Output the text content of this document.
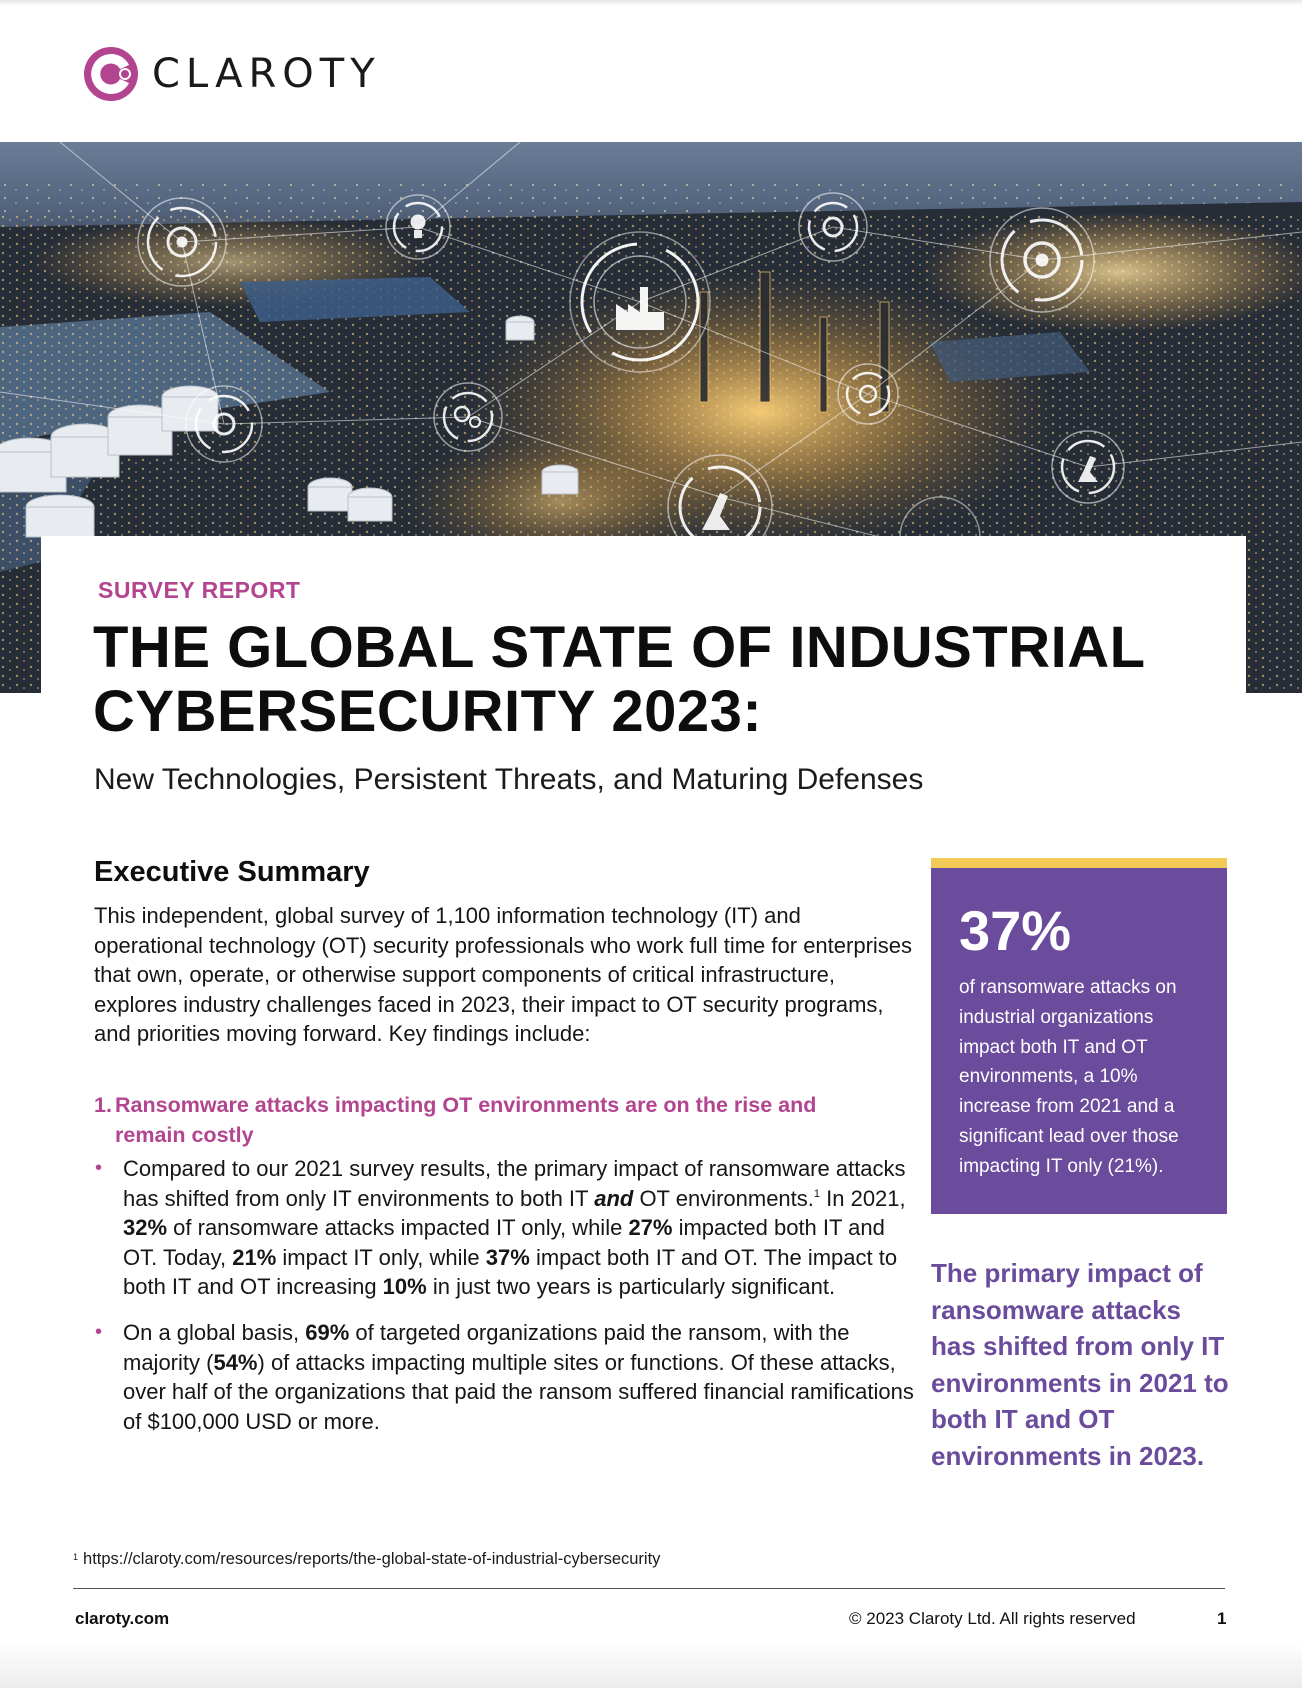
CLAROTY
SURVEY REPORT
THE GLOBAL STATE OF INDUSTRIAL
CYBERSECURITY 2023:
New Technologies, Persistent Threats, and Maturing Defenses
Executive Summary
This independent, global survey of 1,100 information technology (IT) and operational technology (OT) security professionals who work full time for enterprises that own, operate, or otherwise support components of critical infrastructure, explores industry challenges faced in 2023, their impact to OT security programs, and priorities moving forward. Key findings include:
1. Ransomware attacks impacting OT environments are on the rise and
remain costly
• Compared to our 2021 survey results, the primary impact of ransomware attacks has shifted from only IT environments to both IT and OT environments.$^1$ In 2021, 32% of ransomware attacks impacted IT only, while 27% impacted both IT and OT. Today, 21% impact IT only, while 37% impact both IT and OT. The impact to both IT and OT increasing 10% in just two years is particularly significant.
• On a global basis, 69% of targeted organizations paid the ransom, with the majority (54%) of attacks impacting multiple sites or functions. Of these attacks, over half of the organizations that paid the ransom suffered financial ramifications of $100,000 USD or more.
37%
of ransomware attacks on industrial organizations impact both IT and OT environments, a 10% increase from 2021 and a significant lead over those impacting IT only (21%).
The primary impact of ransomware attacks has shifted from only IT environments in 2021 to both IT and OT environments in 2023.
$^1$ https://claroty.com/resources/reports/the-global-state-of-industrial-cybersecurity
claroty.com	© 2023 Claroty Ltd. All rights reserved	1
